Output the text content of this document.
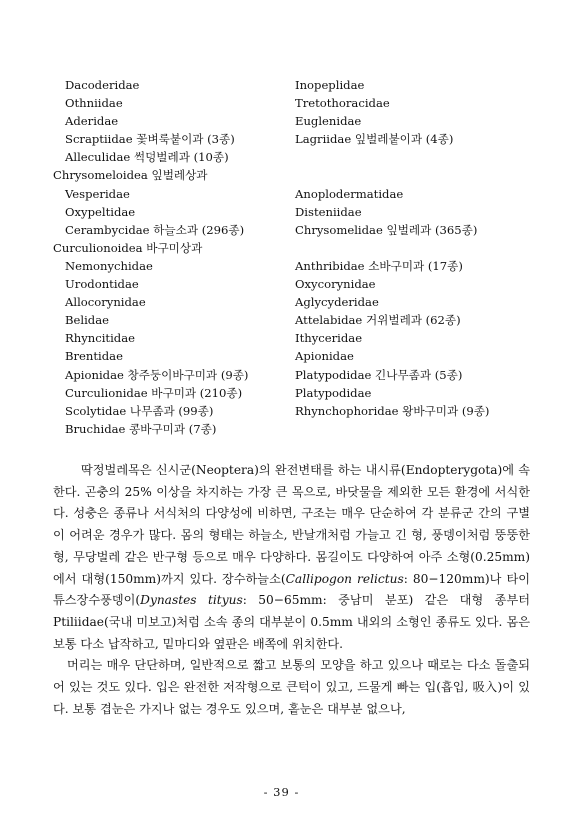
Dacoderidae	Inopeplidae
Othniidae	Tretothoracidae
Aderidae	Euglenidae
Scraptiidae 꽃벼룩붙이과 (3종)	Lagriidae 잎벌레붙이과 (4종)
Alleculidae 썩덩벌레과 (10종)
Chrysomeloidea 잎벌레상과
Vesperidae	Anoplodermatidae
Oxypeltidae	Disteniidae
Cerambycidae 하늘소과 (296종)	Chrysomelidae 잎벌레과 (365종)
Curculionoidea 바구미상과
Nemonychidae	Anthribidae 소바구미과 (17종)
Urodontidae	Oxycorynidae
Allocorynidae	Aglycyderidae
Belidae	Attelabidae 거위벌레과 (62종)
Rhyncitidae	Ithyceridae
Brentidae	Apionidae
Apionidae 창주둥이바구미과 (9종)	Platypodidae 긴나무좀과 (5종)
Curculionidae 바구미과 (210종)	Platypodidae
Scolytidae 나무좀과 (99종)	Rhynchophoridae 왕바구미과 (9종)
Bruchidae 콩바구미과 (7종)

딱정벌레목은 신시군(Neoptera)의 완전변태를 하는 내시류(Endopterygota)에 속한다. 곤충의 25% 이상을 차지하는 가장 큰 목으로, 바닷물을 제외한 모든 환경에 서식한다. 성충은 종류나 서식처의 다양성에 비하면, 구조는 매우 단순하여 각 분류군 간의 구별이 어려운 경우가 많다. 몸의 형태는 하늘소, 반날개처럼 가늘고 긴 형, 풍뎅이처럼 뚱뚱한 형, 무당벌레 같은 반구형 등으로 매우 다양하다. 몸길이도 다양하여 아주 소형(0.25mm)에서 대형(150mm)까지 있다. 장수하늘소(Callipogon relictus: 80−120mm)나 타이튜스장수풍뎅이(Dynastes tityus: 50−65mm: 중남미 분포) 같은 대형 종부터 Ptiliidae(국내 미보고)처럼 소속 종의 대부분이 0.5mm 내외의 소형인 종류도 있다. 몸은 보통 다소 납작하고, 밑마디와 옆판은 배쪽에 위치한다.

머리는 매우 단단하며, 일반적으로 짧고 보통의 모양을 하고 있으나 때로는 다소 돌출되어 있는 것도 있다. 입은 완전한 저작형으로 큰턱이 있고, 드물게 빠는 입(흡입, 吸入)이 있다. 보통 겹눈은 가지나 없는 경우도 있으며, 홑눈은 대부분 없으나,

- 39 -
